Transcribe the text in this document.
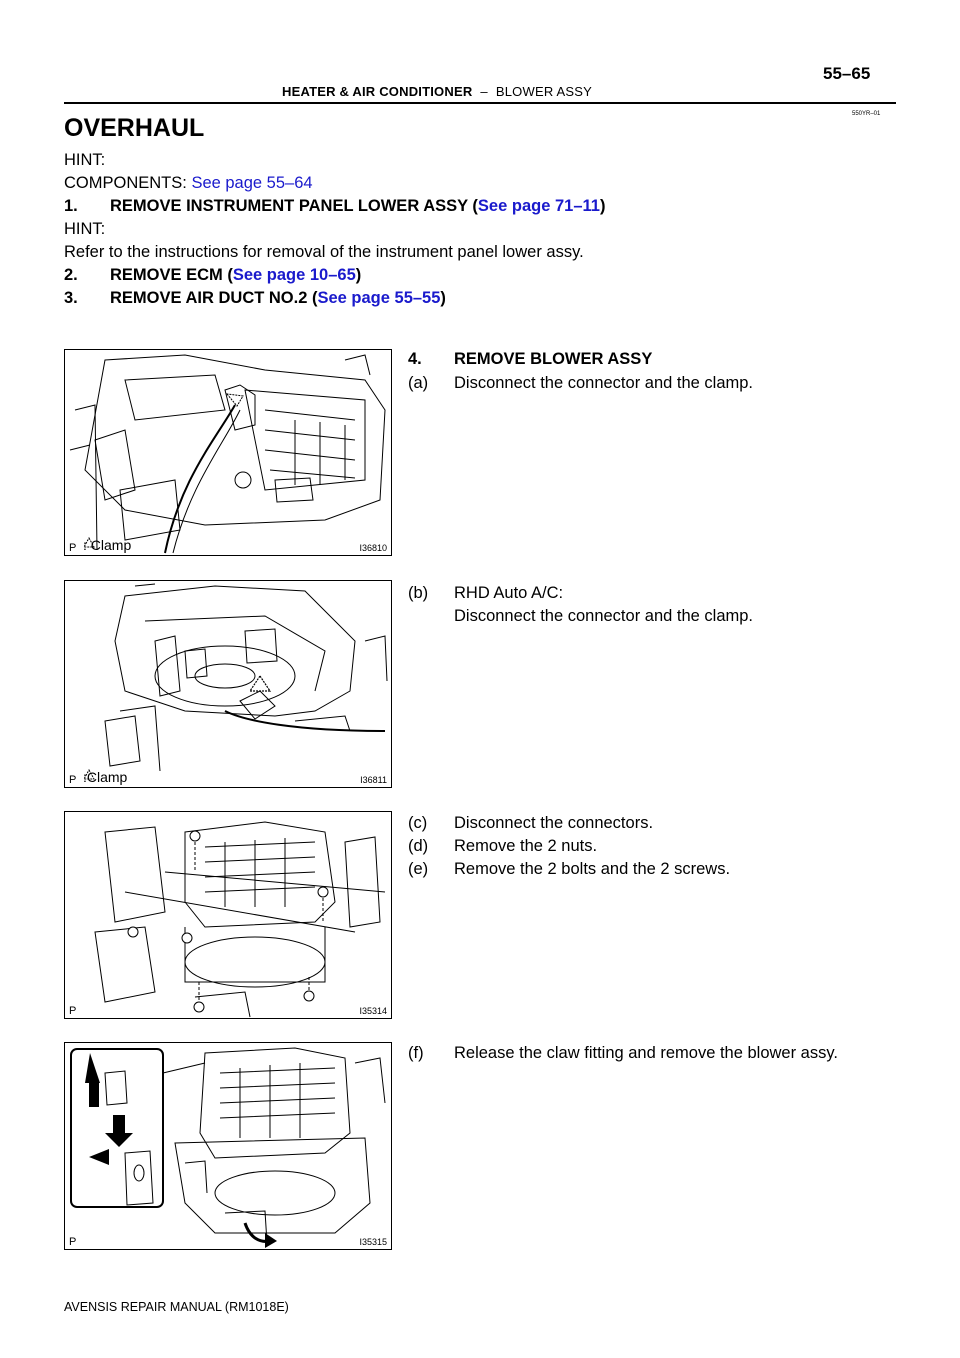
HEATER & AIR CONDITIONER – BLOWER ASSY
55–65
550YR–01
OVERHAUL
HINT:
COMPONENTS: See page 55–64
1. REMOVE INSTRUMENT PANEL LOWER ASSY (See page 71–11)
HINT:
Refer to the instructions for removal of the instrument panel lower assy.
2. REMOVE ECM (See page 10–65)
3. REMOVE AIR DUCT NO.2 (See page 55–55)
4. REMOVE BLOWER ASSY
(a) Disconnect the connector and the clamp.
(b) RHD Auto A/C:
Disconnect the connector and the clamp.
(c) Disconnect the connectors.
(d) Remove the 2 nuts.
(e) Remove the 2 bolts and the 2 screws.
(f) Release the claw fitting and remove the blower assy.
P : Clamp	I36810
P :Clamp	I36811
P	I35314
P	I35315
AVENSIS REPAIR MANUAL (RM1018E)
